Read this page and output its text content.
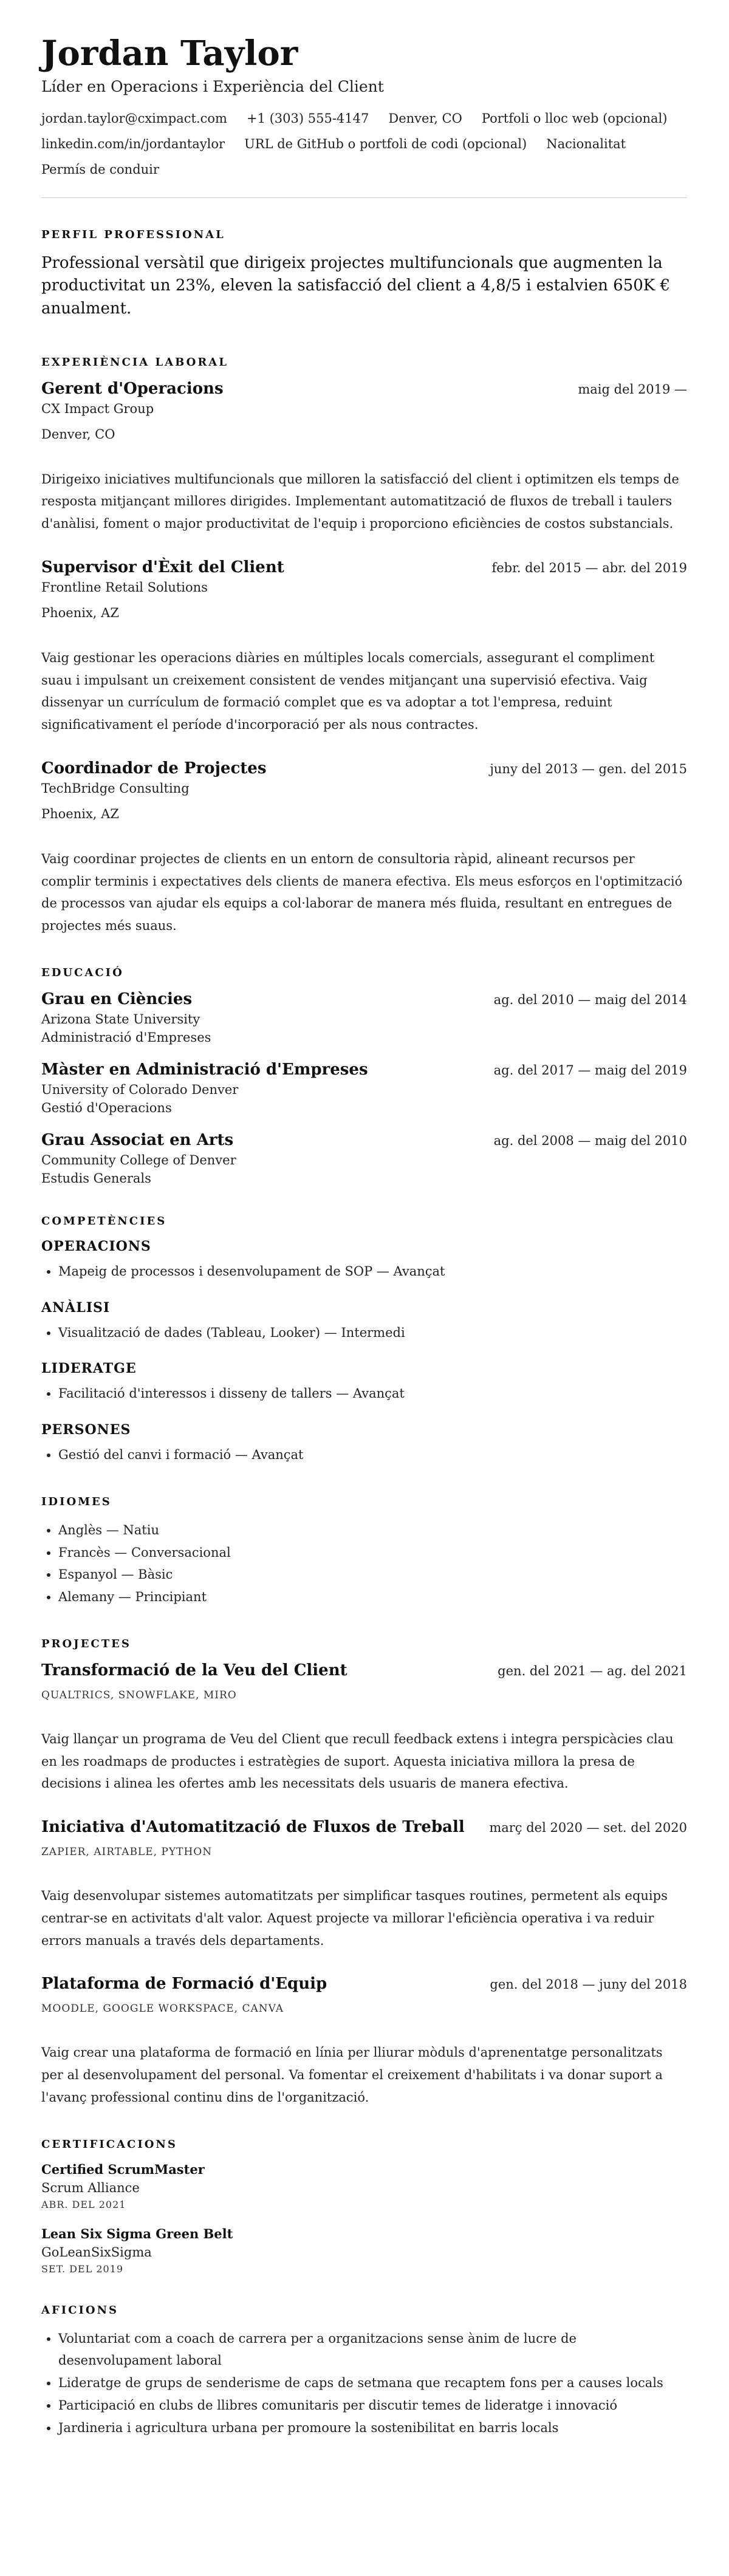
Jordan Taylor
Líder en Operacions i Experiència del Client
jordan.taylor@cximpact.com +1 (303) 555-4147 Denver, CO Portfoli o lloc web (opcional)
linkedin.com/in/jordantaylor URL de GitHub o portfoli de codi (opcional) Nacionalitat
Permís de conduir
PERFIL PROFESSIONAL
Professional versàtil que dirigeix projectes multifuncionals que augmenten la productivitat un 23%, eleven la satisfacció del client a 4,8/5 i estalvien 650K € anualment.
EXPERIÈNCIA LABORAL
Gerent d'Operacions	maig del 2019 —
CX Impact Group
Denver, CO
Dirigeixo iniciatives multifuncionals que milloren la satisfacció del client i optimitzen els temps de resposta mitjançant millores dirigides. Implementant automatització de fluxos de treball i taulers d'anàlisi, foment o major productivitat de l'equip i proporciono eficiències de costos substancials.
Supervisor d'Èxit del Client	febr. del 2015 — abr. del 2019
Frontline Retail Solutions
Phoenix, AZ
Vaig gestionar les operacions diàries en múltiples locals comercials, assegurant el compliment suau i impulsant un creixement consistent de vendes mitjançant una supervisió efectiva. Vaig dissenyar un currículum de formació complet que es va adoptar a tot l'empresa, reduint significativament el període d'incorporació per als nous contractes.
Coordinador de Projectes	juny del 2013 — gen. del 2015
TechBridge Consulting
Phoenix, AZ
Vaig coordinar projectes de clients en un entorn de consultoria ràpid, alineant recursos per complir terminis i expectatives dels clients de manera efectiva. Els meus esforços en l'optimització de processos van ajudar els equips a col·laborar de manera més fluida, resultant en entregues de projectes més suaus.
EDUCACIÓ
Grau en Ciències	ag. del 2010 — maig del 2014
Arizona State University
Administració d'Empreses
Màster en Administració d'Empreses	ag. del 2017 — maig del 2019
University of Colorado Denver
Gestió d'Operacions
Grau Associat en Arts	ag. del 2008 — maig del 2010
Community College of Denver
Estudis Generals
COMPETÈNCIES
OPERACIONS
• Mapeig de processos i desenvolupament de SOP — Avançat
ANÀLISI
• Visualització de dades (Tableau, Looker) — Intermedi
LIDERATGE
• Facilitació d'interessos i disseny de tallers — Avançat
PERSONES
• Gestió del canvi i formació — Avançat
IDIOMES
• Anglès — Natiu
• Francès — Conversacional
• Espanyol — Bàsic
• Alemany — Principiant
PROJECTES
Transformació de la Veu del Client	gen. del 2021 — ag. del 2021
QUALTRICS, SNOWFLAKE, MIRO
Vaig llançar un programa de Veu del Client que recull feedback extens i integra perspicàcies clau en les roadmaps de productes i estratègies de suport. Aquesta iniciativa millora la presa de decisions i alinea les ofertes amb les necessitats dels usuaris de manera efectiva.
Iniciativa d'Automatització de Fluxos de Treball març del 2020 — set. del 2020
ZAPIER, AIRTABLE, PYTHON
Vaig desenvolupar sistemes automatitzats per simplificar tasques routines, permetent als equips centrar-se en activitats d'alt valor. Aquest projecte va millorar l'eficiència operativa i va reduir errors manuals a través dels departaments.
Plataforma de Formació d'Equip	gen. del 2018 — juny del 2018
MOODLE, GOOGLE WORKSPACE, CANVA
Vaig crear una plataforma de formació en línia per lliurar mòduls d'aprenentatge personalitzats per al desenvolupament del personal. Va fomentar el creixement d'habilitats i va donar suport a l'avanç professional continu dins de l'organització.
CERTIFICACIONS
Certified ScrumMaster
Scrum Alliance
ABR. DEL 2021
Lean Six Sigma Green Belt
GoLeanSixSigma
SET. DEL 2019
AFICIONS
• Voluntariat com a coach de carrera per a organitzacions sense ànim de lucre de desenvolupament laboral
• Lideratge de grups de senderisme de caps de setmana que recaptem fons per a causes locals
• Participació en clubs de llibres comunitaris per discutir temes de lideratge i innovació
• Jardineria i agricultura urbana per promoure la sostenibilitat en barris locals
